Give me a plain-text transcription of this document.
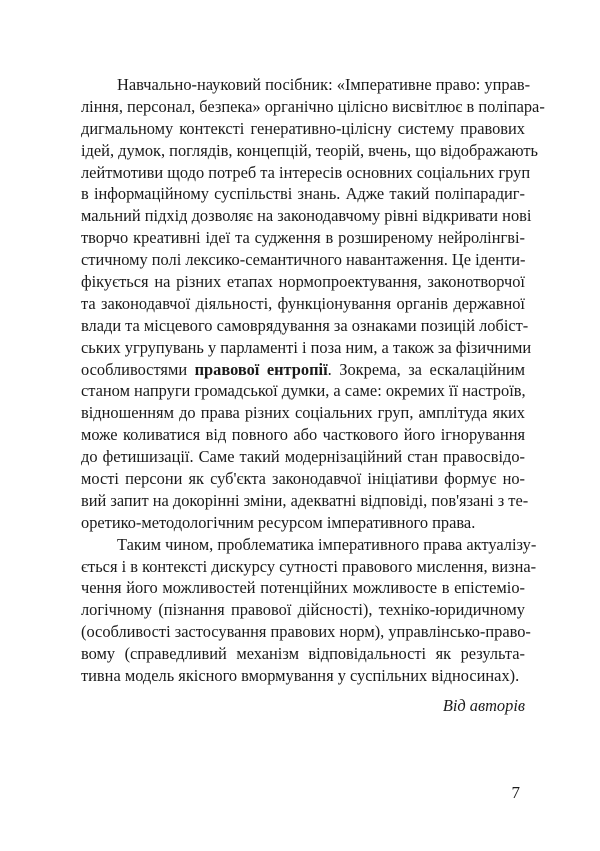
Навчально-науковий посібник: «Імперативне право: управ-
ління, персонал, безпека» органічно цілісно висвітлює в поліпара-
дигмальному контексті генеративно-цілісну систему правових
ідей, думок, поглядів, концепцій, теорій, вчень, що відображають
лейтмотиви щодо потреб та інтересів основних соціальних груп
в інформаційному суспільстві знань. Адже такий поліпарадиг-
мальний підхід дозволяє на законодавчому рівні відкривати нові
творчо креативні ідеї та судження в розширеному нейролінгві-
стичному полі лексико-семантичного навантаження. Це іденти-
фікується на різних етапах нормопроектування, законотворчої
та законодавчої діяльності, функціонування органів державної
влади та місцевого самоврядування за ознаками позицій лобіст-
ських угрупувань у парламенті і поза ним, а також за фізичними
особливостями правової ентропії. Зокрема, за ескалаційним
станом напруги громадської думки, а саме: окремих її настроїв,
відношенням до права різних соціальних груп, амплітуда яких
може коливатися від повного або часткового його ігнорування
до фетишизації. Саме такий модернізаційний стан правосвідо-
мості персони як суб'єкта законодавчої ініціативи формує но-
вий запит на докорінні зміни, адекватні відповіді, пов'язані з те-
оретико-методологічним ресурсом імперативного права.
Таким чином, проблематика імперативного права актуалізу-
ється і в контексті дискурсу сутності правового мислення, визна-
чення його можливостей потенційних можливосте в епістеміо-
логічному (пізнання правової дійсності), техніко-юридичному
(особливості застосування правових норм), управлінсько-право-
вому (справедливий механізм відповідальності як результа-
тивна модель якісного вмормування у суспільних відносинах).
Від авторів
7
